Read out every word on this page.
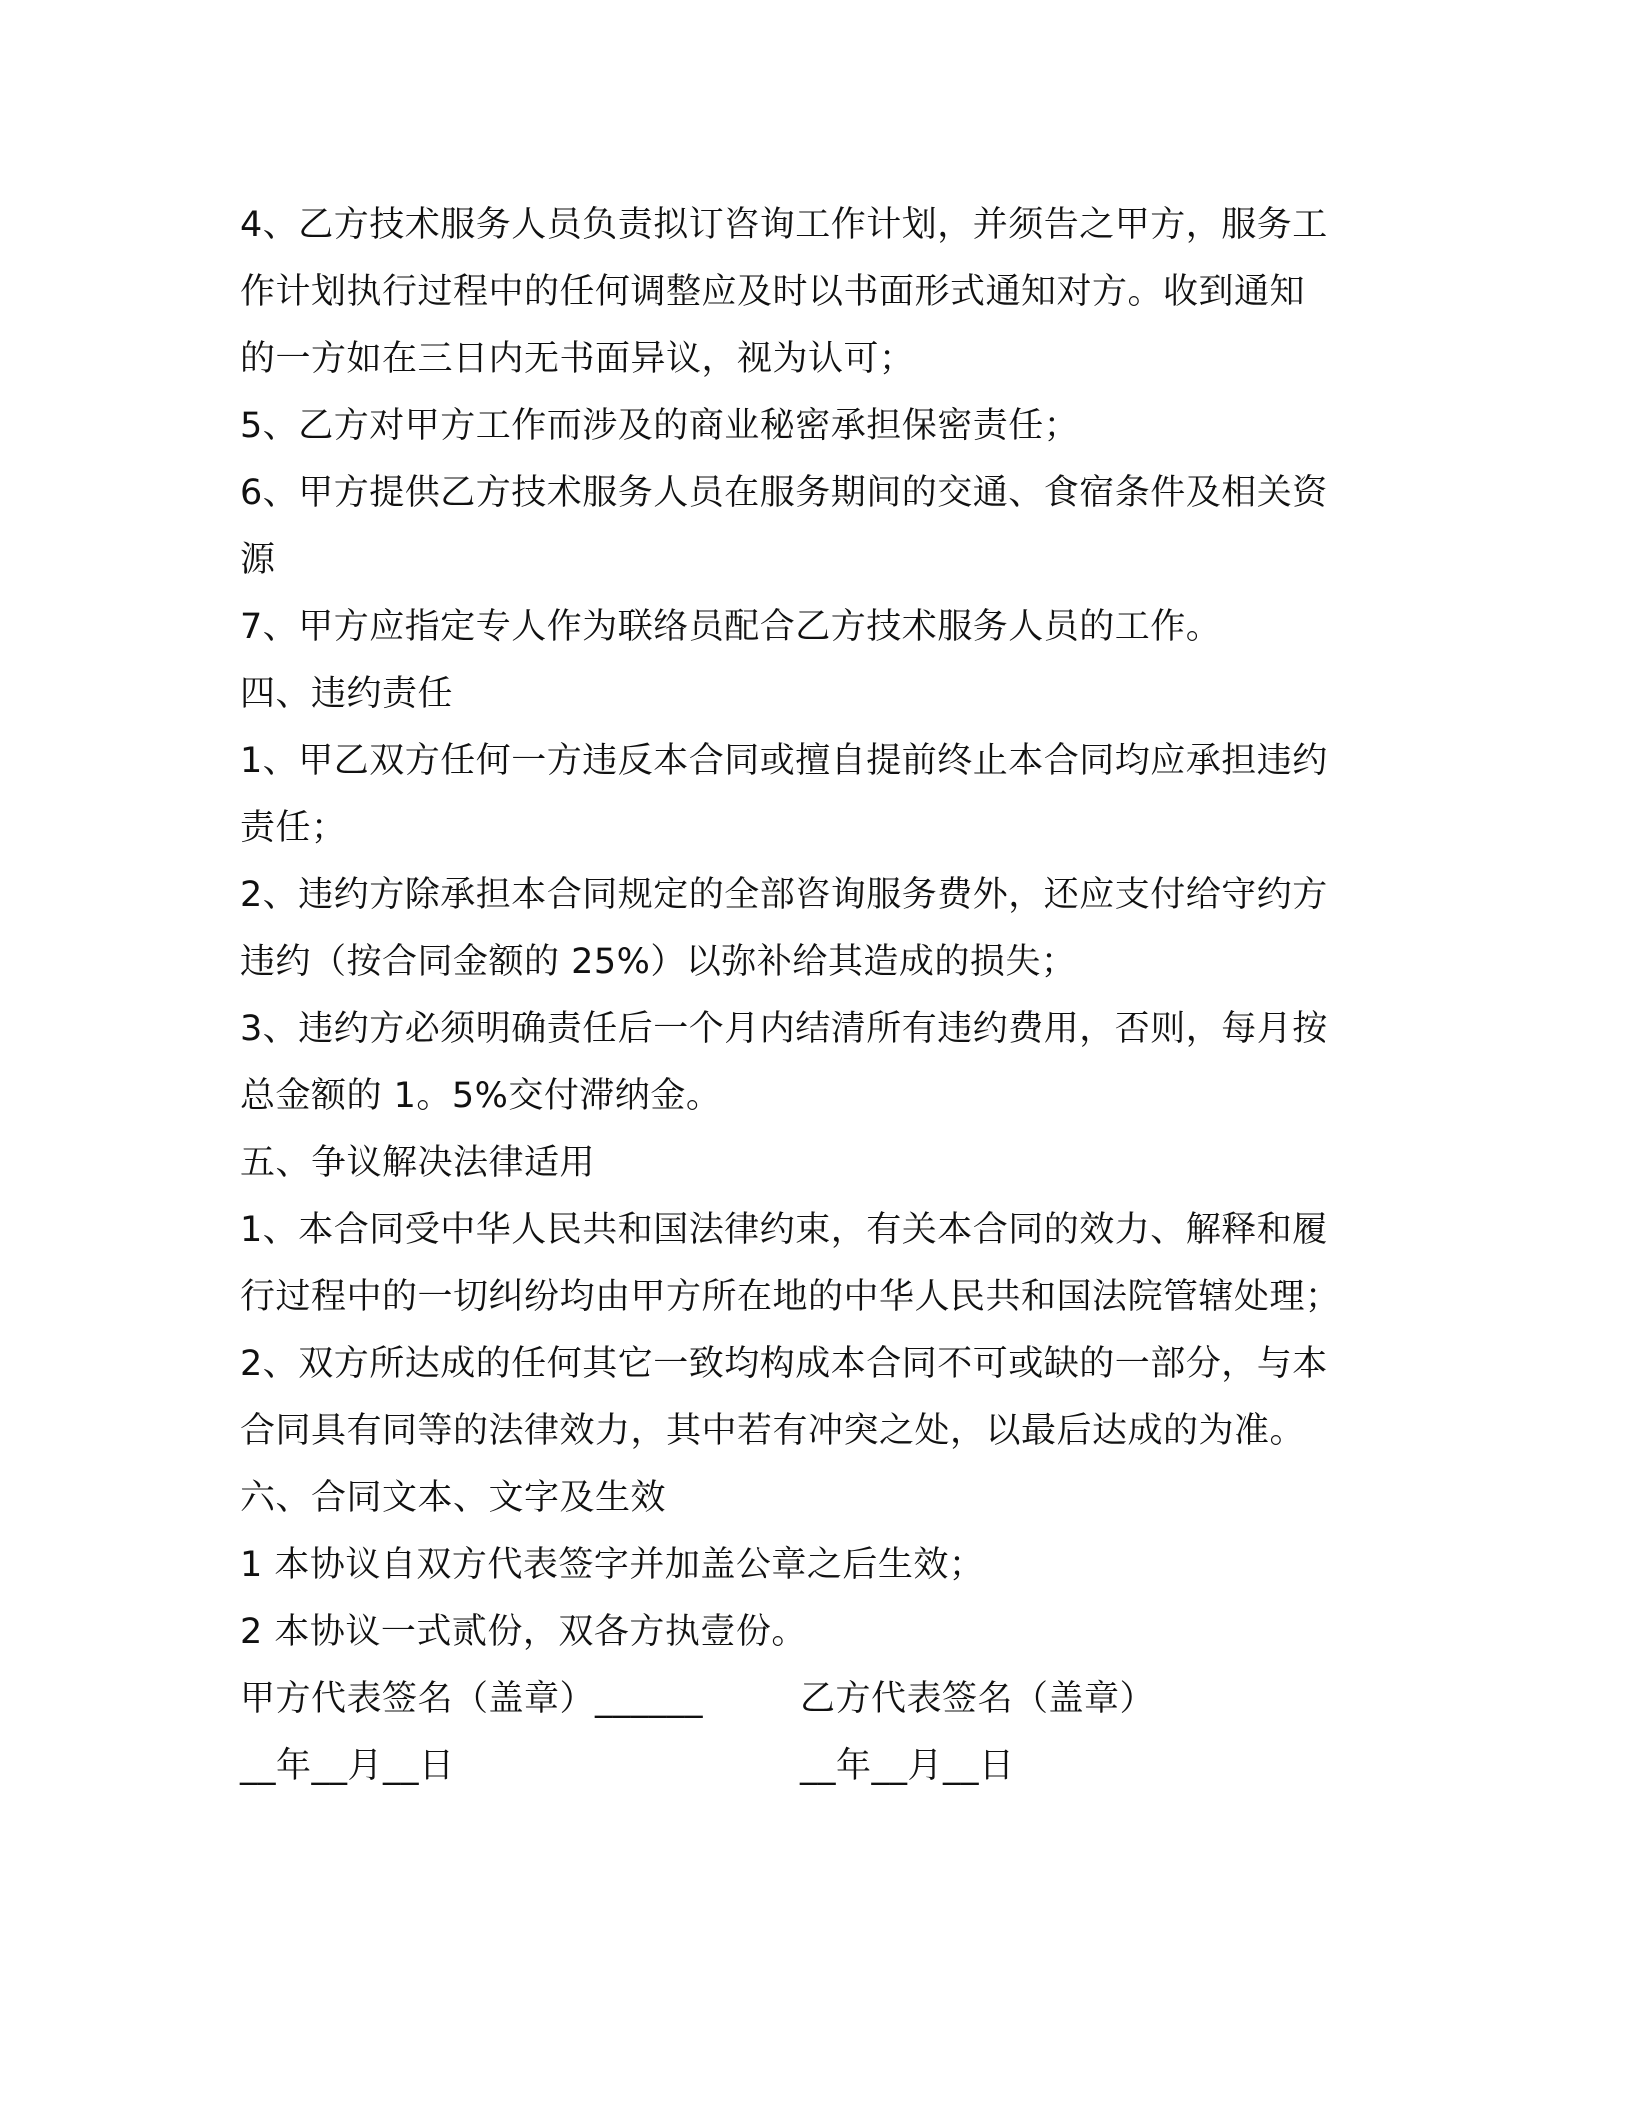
4、乙方技术服务人员负责拟订咨询工作计划，并须告之甲方，服务工
作计划执行过程中的任何调整应及时以书面形式通知对方。收到通知
的一方如在三日内无书面异议，视为认可；
5、乙方对甲方工作而涉及的商业秘密承担保密责任；
6、甲方提供乙方技术服务人员在服务期间的交通、食宿条件及相关资
源
7、甲方应指定专人作为联络员配合乙方技术服务人员的工作。
四、违约责任
1、甲乙双方任何一方违反本合同或擅自提前终止本合同均应承担违约
责任；
2、违约方除承担本合同规定的全部咨询服务费外，还应支付给守约方
违约（按合同金额的 25%）以弥补给其造成的损失；
3、违约方必须明确责任后一个月内结清所有违约费用，否则，每月按
总金额的 1。5%交付滞纳金。
五、争议解决法律适用
1、本合同受中华人民共和国法律约束，有关本合同的效力、解释和履
行过程中的一切纠纷均由甲方所在地的中华人民共和国法院管辖处理；
2、双方所达成的任何其它一致均构成本合同不可或缺的一部分，与本
合同具有同等的法律效力，其中若有冲突之处，以最后达成的为准。
六、合同文本、文字及生效
1 本协议自双方代表签字并加盖公章之后生效；
2 本协议一式贰份，双各方执壹份。
甲方代表签名（盖章）______	乙方代表签名（盖章）
__年__月__日	__年__月__日
